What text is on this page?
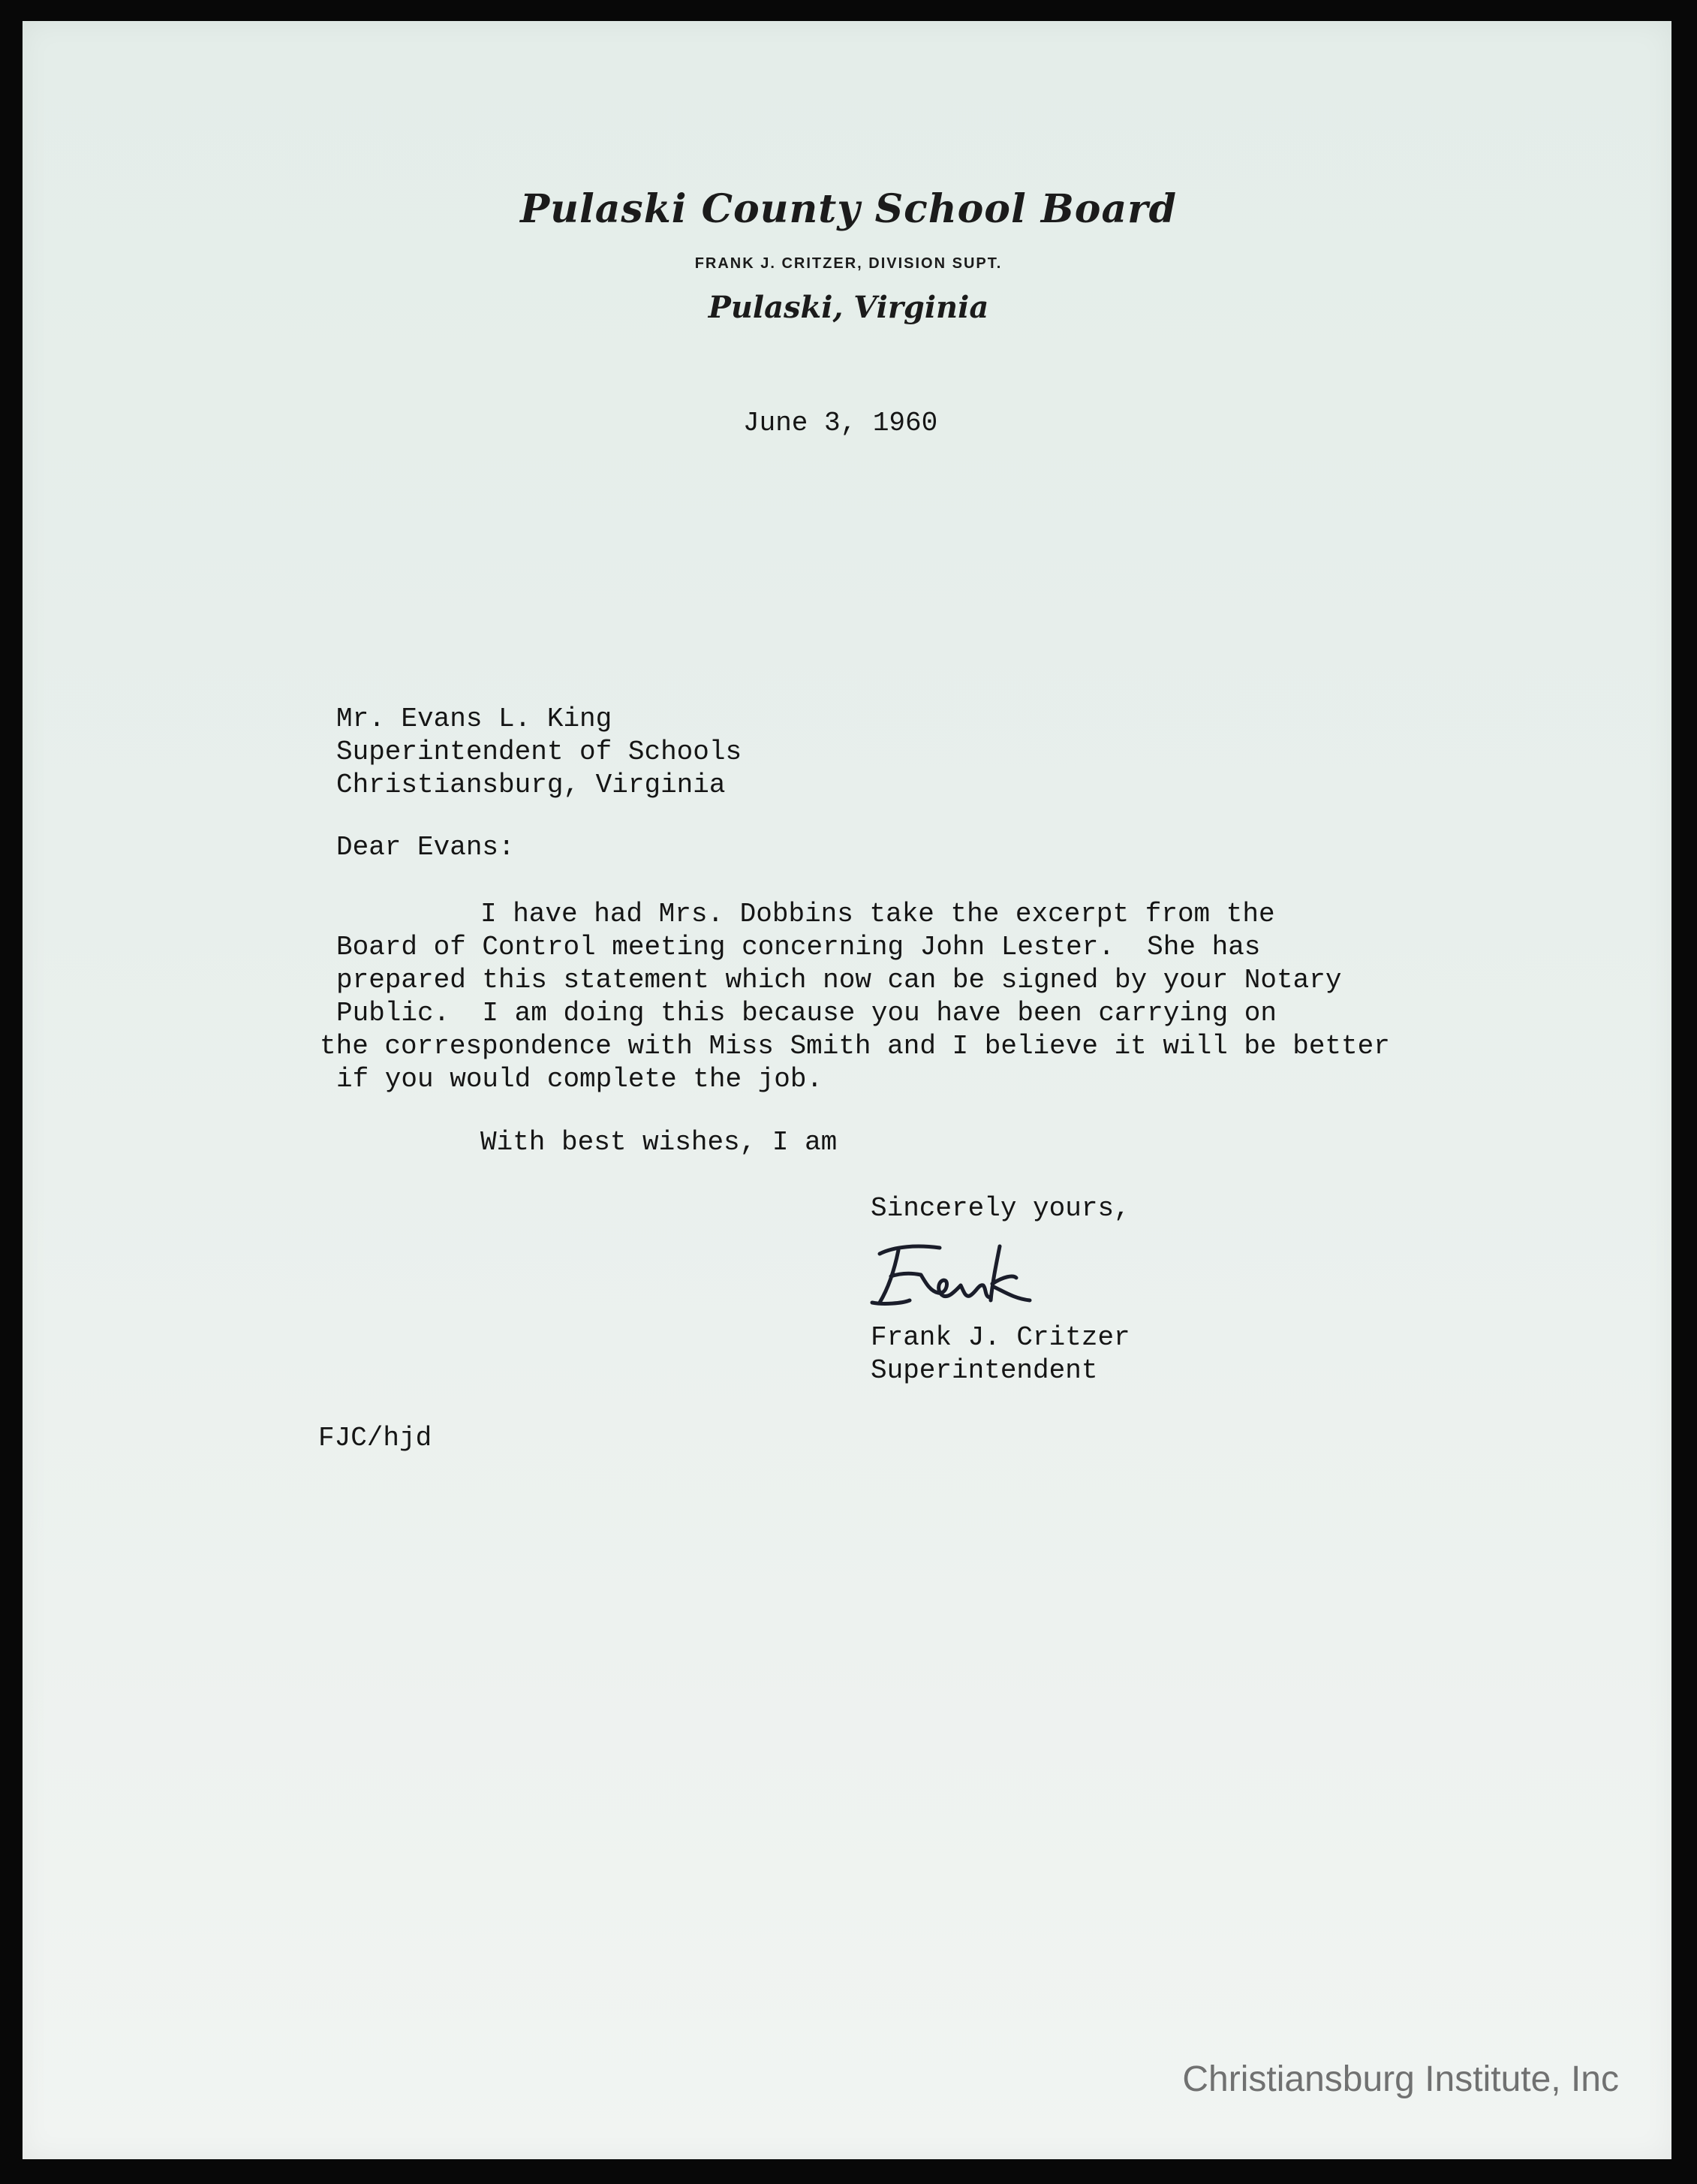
Pulaski County School Board
FRANK J. CRITZER, DIVISION SUPT.
Pulaski, Virginia
June 3, 1960
Mr. Evans L. King
Superintendent of Schools
Christiansburg, Virginia
Dear Evans:
I have had Mrs. Dobbins take the excerpt from the
Board of Control meeting concerning John Lester.  She has
prepared this statement which now can be signed by your Notary
Public.  I am doing this because you have been carrying on
the correspondence with Miss Smith and I believe it will be better
if you would complete the job.
With best wishes, I am
Sincerely yours,
Frank J. Critzer
Superintendent
FJC/hjd
Christiansburg Institute, Inc
